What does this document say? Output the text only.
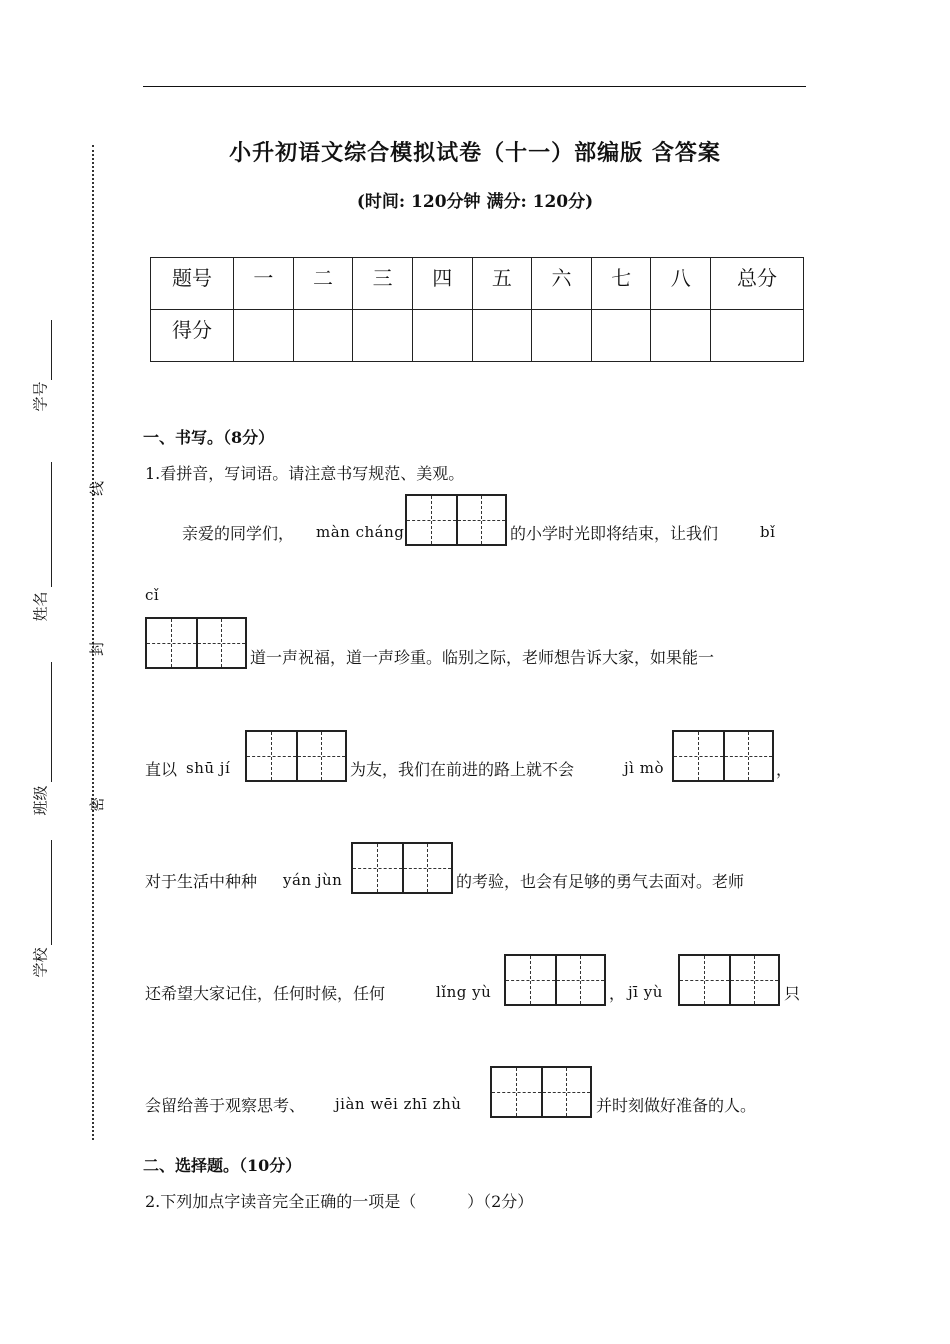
小升初语文综合模拟试卷（十一）部编版 含答案
(时间: 120分钟 满分: 120分)
题号	一	二	三	四	五	六	七	八	总分
得分									
学号
姓名
班级
学校
线
封
密
一、书写。（8分）
1.看拼音，写词语。请注意书写规范、美观。
亲爱的同学们， màn cháng	的小学时光即将结束，让我们	bǐ
cǐ
道一声祝福，道一声珍重。临别之际，老师想告诉大家，如果能一
直以 shū jí	为友，我们在前进的路上就不会	jì mò	，
对于生活中种种 yán jùn	的考验，也会有足够的勇气去面对。老师
还希望大家记住，任何时候，任何	lǐng yù	， jī yù	只
会留给善于观察思考、 jiàn wēi zhī zhù	并时刻做好准备的人。
二、选择题。（10分）
2.下列加点字读音完全正确的一项是（          ）（2分）
